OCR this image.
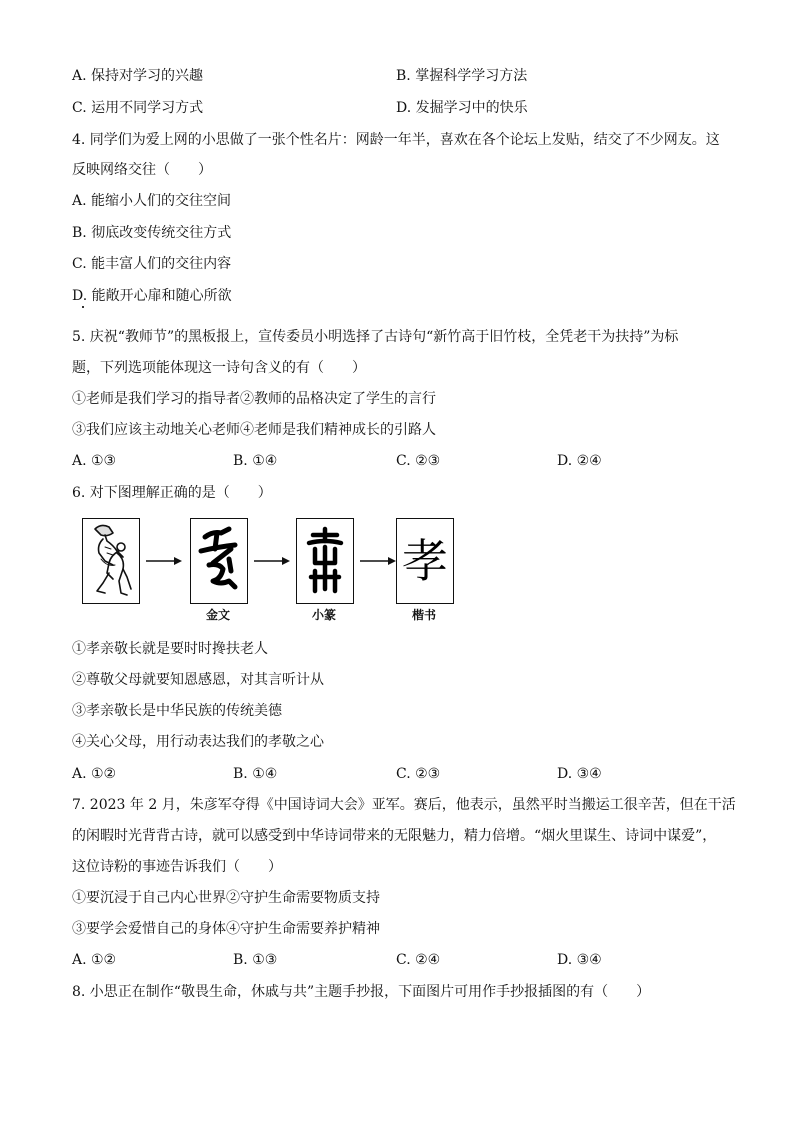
A. 保持对学习的兴趣	B. 掌握科学学习方法
C. 运用不同学习方式	D. 发掘学习中的快乐
4. 同学们为爱上网的小思做了一张个性名片：网龄一年半，喜欢在各个论坛上发贴，结交了不少网友。这
反映网络交往（　　）
A. 能缩小人们的交往空间
B. 彻底改变传统交往方式
C. 能丰富人们的交往内容
D. 能敞开心扉和随心所欲
5. 庆祝“教师节”的黑板报上，宣传委员小明选择了古诗句“新竹高于旧竹枝，全凭老干为扶持”为标
题，下列选项能体现这一诗句含义的有（　　）
①老师是我们学习的指导者②教师的品格决定了学生的言行
③我们应该主动地关心老师④老师是我们精神成长的引路人
A. ①③	B. ①④	C. ②③	D. ②④
6. 对下图理解正确的是（　　）
金文	小篆
孝
楷书
①孝亲敬长就是要时时搀扶老人
②尊敬父母就要知恩感恩，对其言听计从
③孝亲敬长是中华民族的传统美德
④关心父母，用行动表达我们的孝敬之心
A. ①②	B. ①④	C. ②③	D. ③④
7. 2023 年 2 月，朱彦军夺得《中国诗词大会》亚军。赛后，他表示，虽然平时当搬运工很辛苦，但在干活
的闲暇时光背背古诗，就可以感受到中华诗词带来的无限魅力，精力倍增。“烟火里谋生、诗词中谋爱”，
这位诗粉的事迹告诉我们（　　）
①要沉浸于自己内心世界②守护生命需要物质支持
③要学会爱惜自己的身体④守护生命需要养护精神
A. ①②	B. ①③	C. ②④	D. ③④
8. 小思正在制作“敬畏生命，休戚与共”主题手抄报，下面图片可用作手抄报插图的有（　　）
